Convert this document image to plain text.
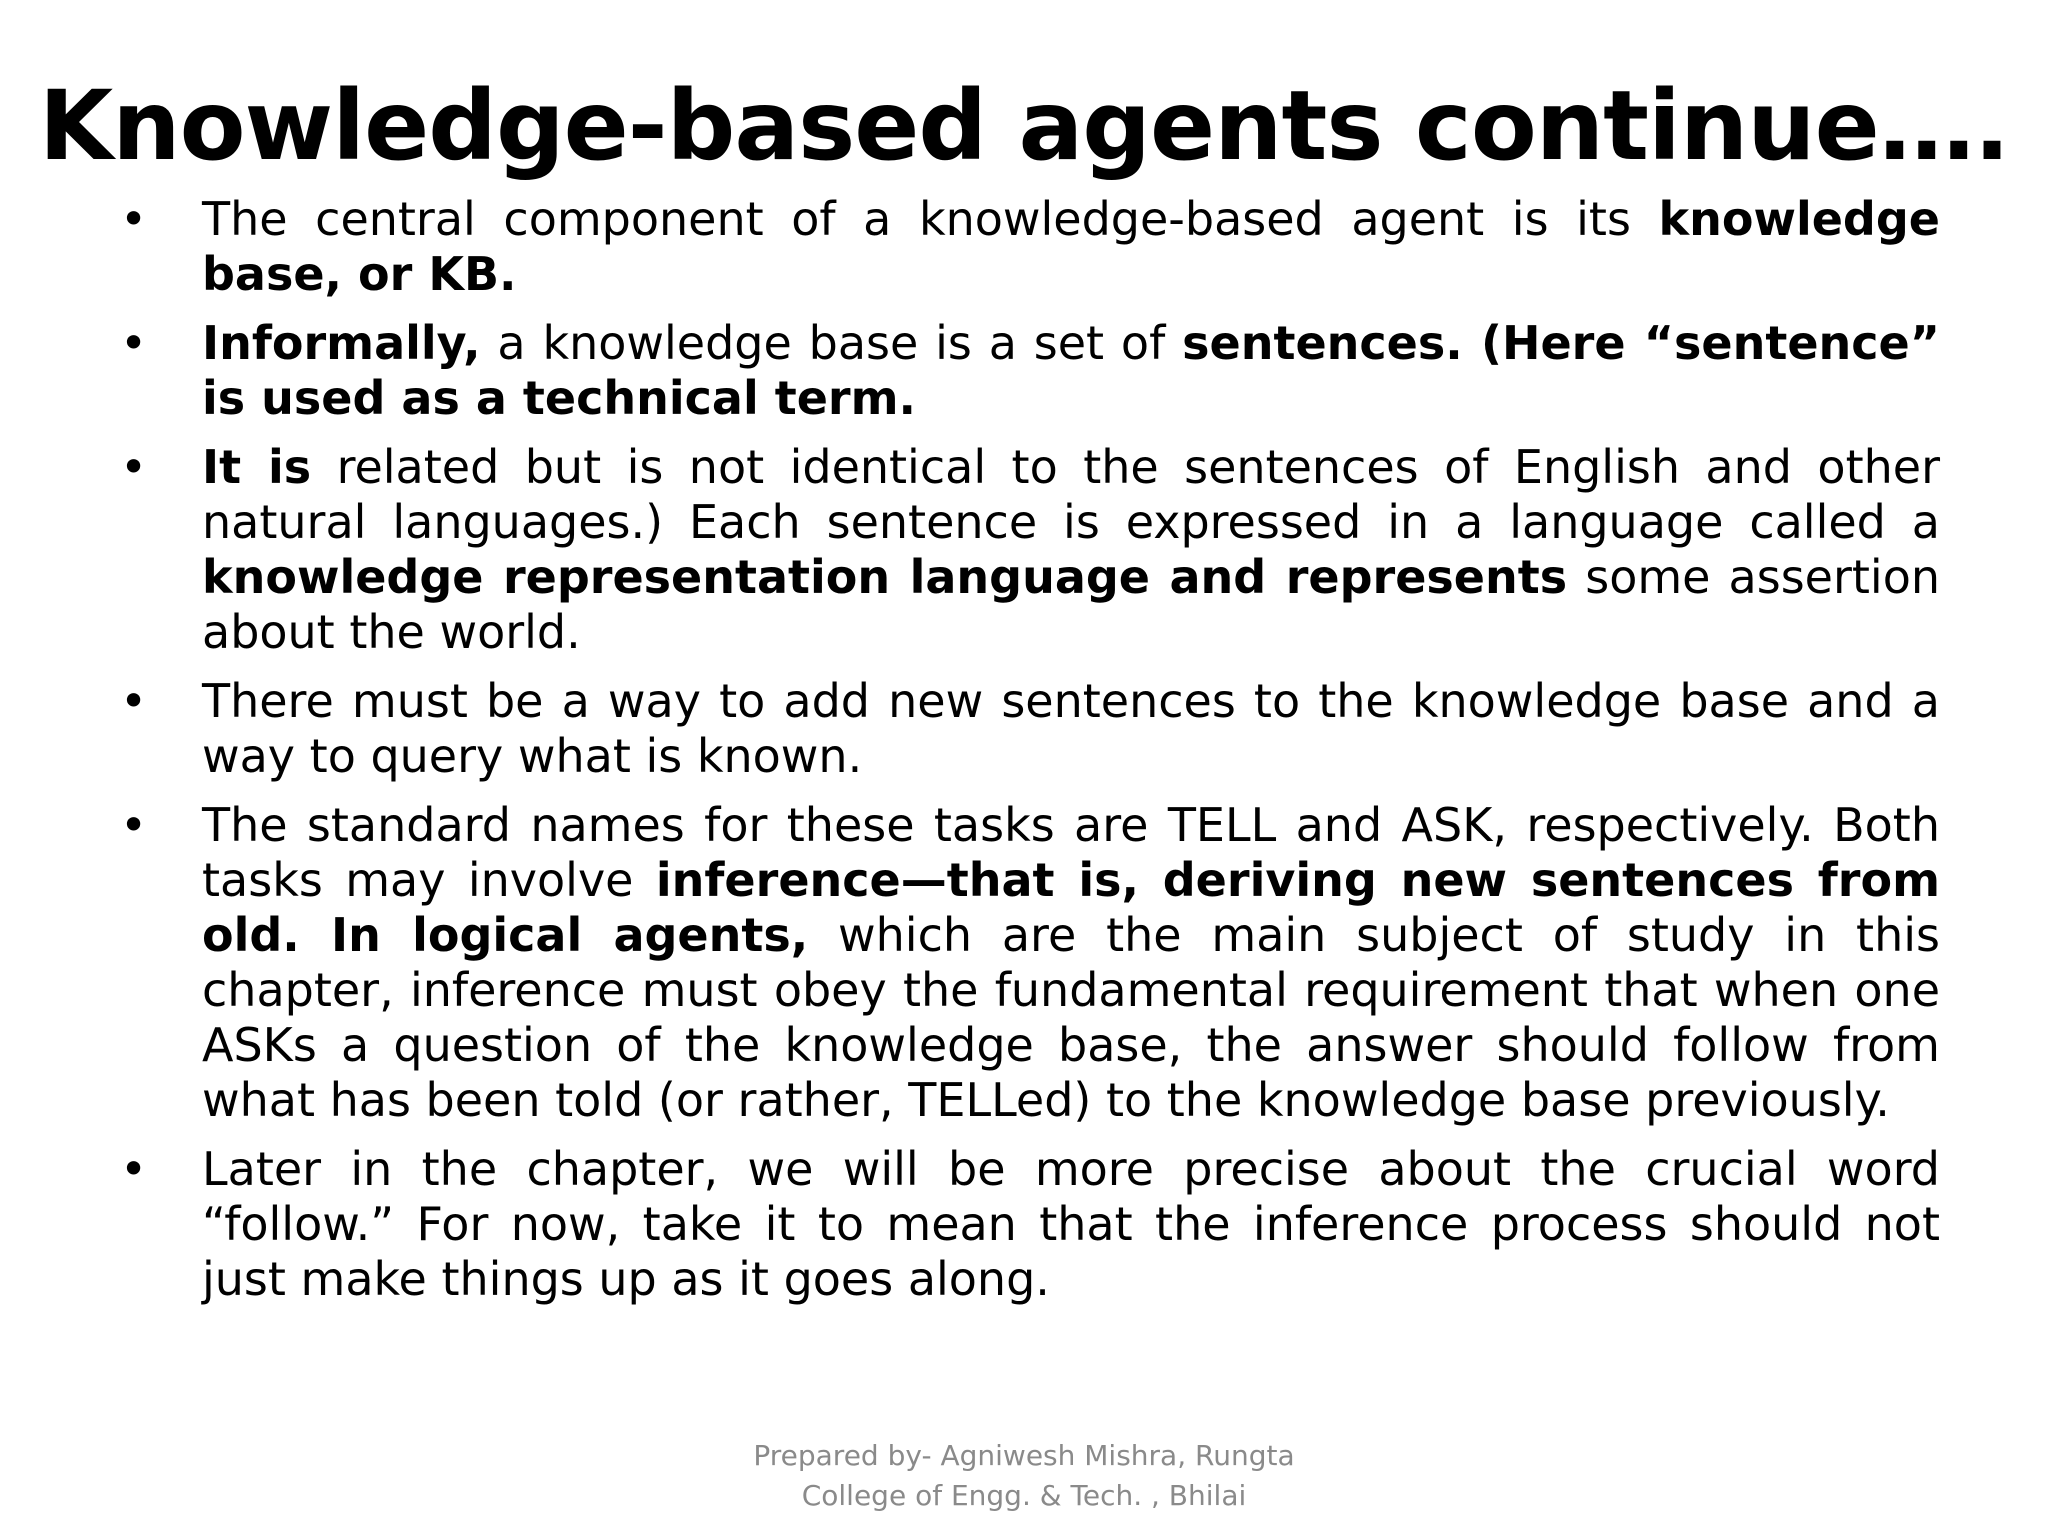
Knowledge-based agents continue….
• The central component of a knowledge-based agent is its knowledge base, or KB.
• Informally, a knowledge base is a set of sentences. (Here “sentence” is used as a technical term.
• It is related but is not identical to the sentences of English and other natural languages.) Each sentence is expressed in a language called a knowledge representation language and represents some assertion about the world.
• There must be a way to add new sentences to the knowledge base and a way to query what is known.
• The standard names for these tasks are TELL and ASK, respectively. Both tasks may involve inference—that is, deriving new sentences from old. In logical agents, which are the main subject of study in this chapter, inference must obey the fundamental requirement that when one ASKs a question of the knowledge base, the answer should follow from what has been told (or rather, TELLed) to the knowledge base previously.
• Later in the chapter, we will be more precise about the crucial word “follow.” For now, take it to mean that the inference process should not just make things up as it goes along.
Prepared by- Agniwesh Mishra, Rungta
College of Engg. & Tech. , Bhilai
